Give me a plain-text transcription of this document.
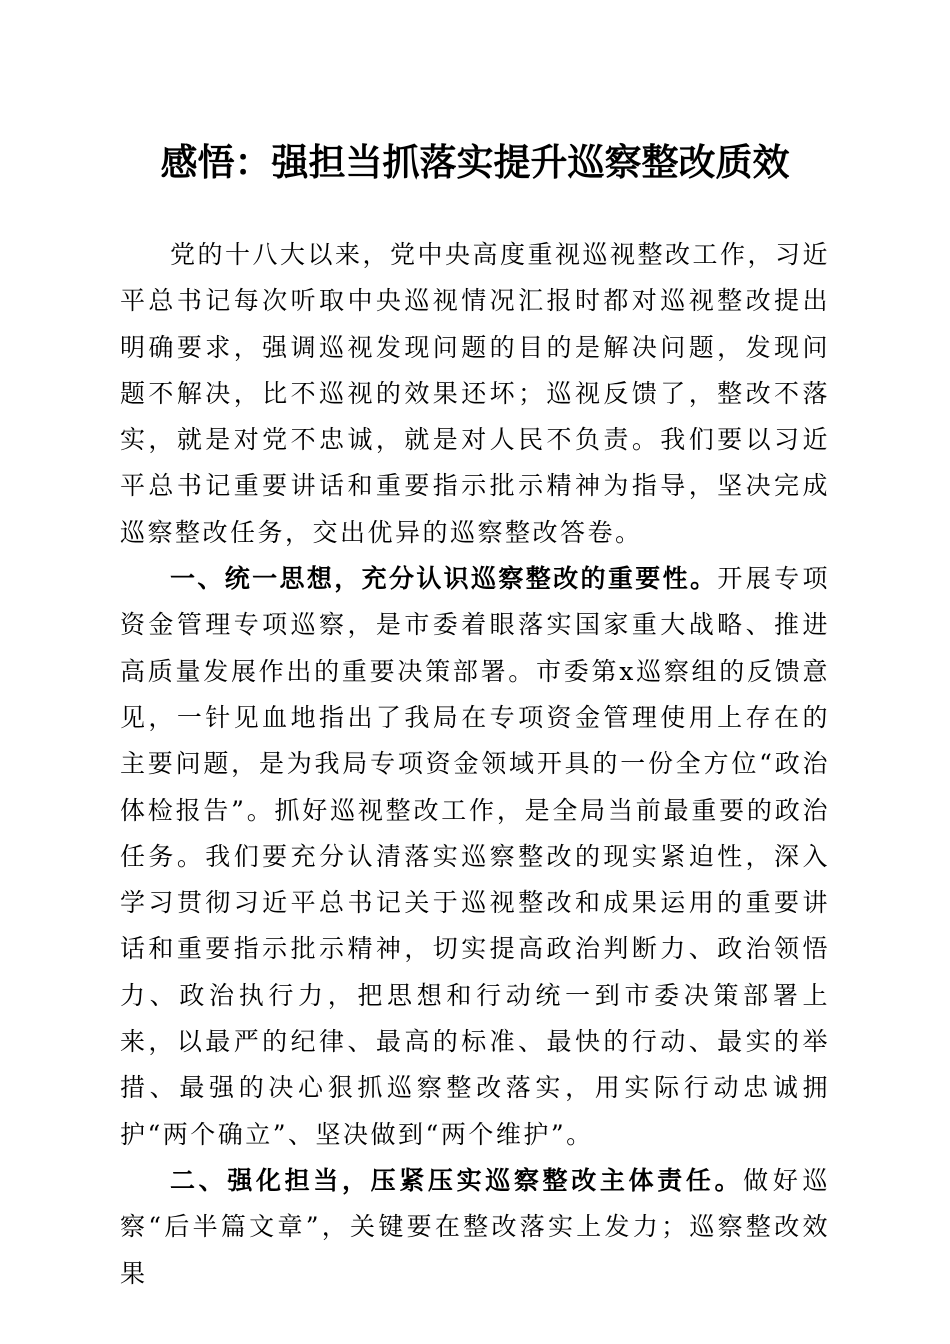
感悟：强担当抓落实提升巡察整改质效

党的十八大以来，党中央高度重视巡视整改工作，习近平总书记每次听取中央巡视情况汇报时都对巡视整改提出明确要求，强调巡视发现问题的目的是解决问题，发现问题不解决，比不巡视的效果还坏；巡视反馈了，整改不落实，就是对党不忠诚，就是对人民不负责。我们要以习近平总书记重要讲话和重要指示批示精神为指导，坚决完成巡察整改任务，交出优异的巡察整改答卷。

一、统一思想，充分认识巡察整改的重要性。开展专项资金管理专项巡察，是市委着眼落实国家重大战略、推进高质量发展作出的重要决策部署。市委第x巡察组的反馈意见，一针见血地指出了我局在专项资金管理使用上存在的主要问题，是为我局专项资金领域开具的一份全方位“政治体检报告”。抓好巡视整改工作，是全局当前最重要的政治任务。我们要充分认清落实巡察整改的现实紧迫性，深入学习贯彻习近平总书记关于巡视整改和成果运用的重要讲话和重要指示批示精神，切实提高政治判断力、政治领悟力、政治执行力，把思想和行动统一到市委决策部署上来，以最严的纪律、最高的标准、最快的行动、最实的举措、最强的决心狠抓巡察整改落实，用实际行动忠诚拥护“两个确立”、坚决做到“两个维护”。

二、强化担当，压紧压实巡察整改主体责任。做好巡察“后半篇文章”，关键要在整改落实上发力；巡察整改效果
